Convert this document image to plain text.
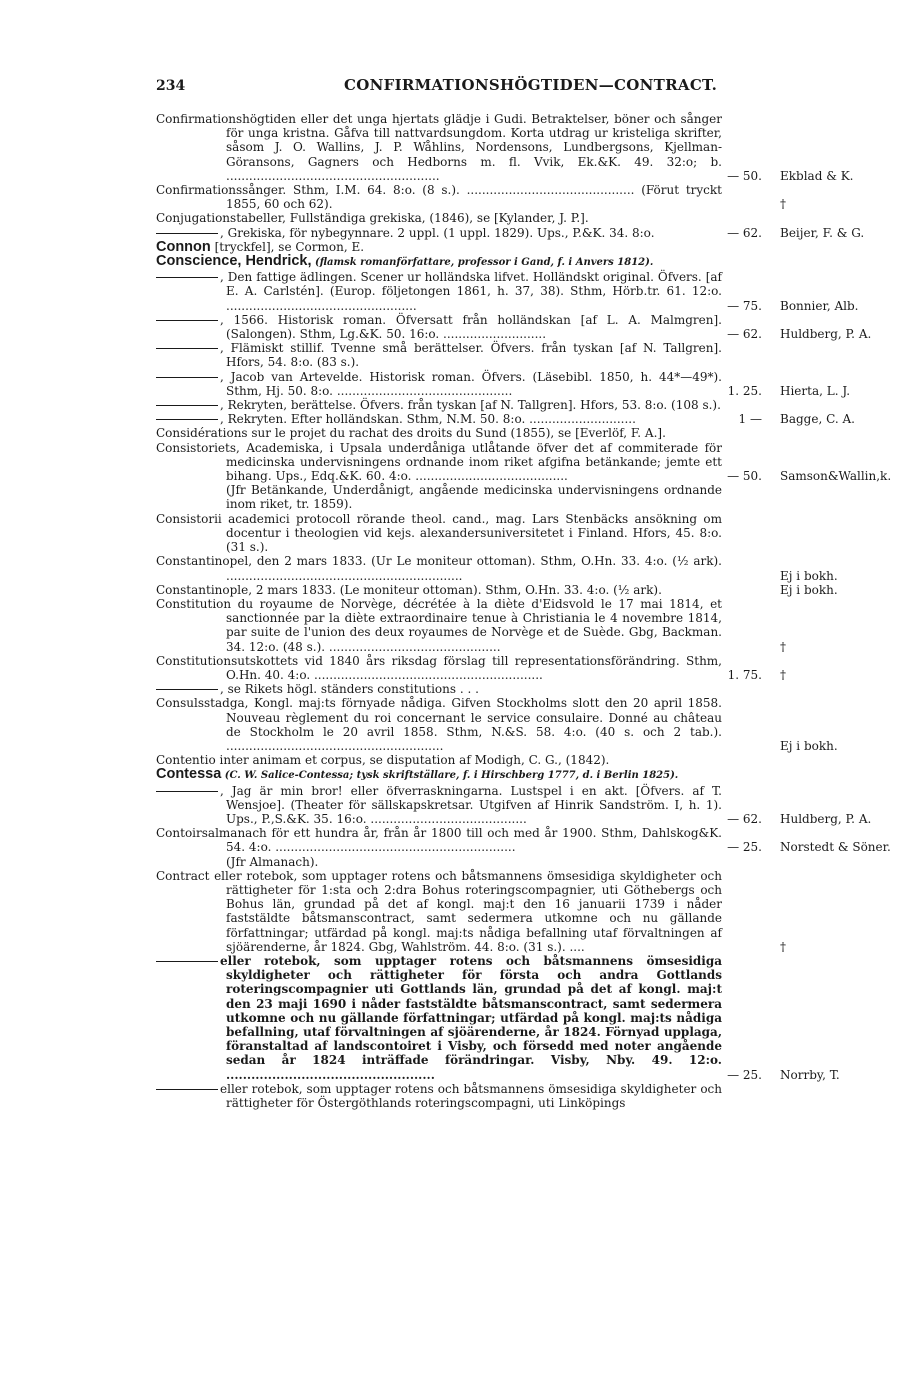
234	CONFIRMATIONSHÖGTIDEN—CONTRACT.
Confirmationshögtiden eller det unga hjertats glädje i Gudi. Betraktelser, böner och sånger för unga kristna. Gåfva till nattvardsungdom. Korta utdrag ur kristeliga skrifter, såsom J. O. Wallins, J. P. Wåhlins, Nordensons, Lundbergsons, Kjellman-Göransons, Gagners och Hedborns m. fl. Vvik, Ek.&K. 49. 32:o; b. ........................................................	— 50. Ekblad & K.
Confirmationssånger. Sthm, I.M. 64. 8:o. (8 s.). ............................................ (Förut tryckt 1855, 60 och 62).	†
Conjugationstabeller, Fullständiga grekiska, (1846), se [Kylander, J. P.].
, Grekiska, för nybegynnare. 2 uppl. (1 uppl. 1829). Ups., P.&K. 34. 8:o.	— 62. Beijer, F. & G.
Connon [tryckfel], se Cormon, E.
Conscience, Hendrick, (flamsk romanförfattare, professor i Gand, f. i Anvers 1812).
, Den fattige ädlingen. Scener ur holländska lifvet. Holländskt original. Öfvers. [af E. A. Carlstén]. (Europ. följetongen 1861, h. 37, 38). Sthm, Hörb.tr. 61. 12:o. ..................................................	— 75. Bonnier, Alb.
, 1566. Historisk roman. Öfversatt från holländskan [af L. A. Malmgren]. (Salongen). Sthm, Lg.&K. 50. 16:o. ...........................	— 62. Huldberg, P. A.
, Flämiskt stillif. Tvenne små berättelser. Öfvers. från tyskan [af N. Tallgren]. Hfors, 54. 8:o. (83 s.).
, Jacob van Artevelde. Historisk roman. Öfvers. (Läsebibl. 1850, h. 44*—49*). Sthm, Hj. 50. 8:o. ..............................................	1. 25. Hierta, L. J.
, Rekryten, berättelse. Öfvers. från tyskan [af N. Tallgren]. Hfors, 53. 8:o. (108 s.).
, Rekryten. Efter holländskan. Sthm, N.M. 50. 8:o. ............................	1 — Bagge, C. A.
Considérations sur le projet du rachat des droits du Sund (1855), se [Everlöf, F. A.].
Consistoriets, Academiska, i Upsala underdåniga utlåtande öfver det af commiterade för medicinska undervisningens ordnande inom riket afgifna betänkande; jemte ett bihang. Ups., Edq.&K. 60. 4:o. ........................................	— 50. Samson&Wallin,k.
(Jfr Betänkande, Underdånigt, angående medicinska undervisningens ordnande inom riket, tr. 1859).
Consistorii academici protocoll rörande theol. cand., mag. Lars Stenbäcks ansökning om docentur i theologien vid kejs. alexandersuniversitetet i Finland. Hfors, 45. 8:o. (31 s.).
Constantinopel, den 2 mars 1833. (Ur Le moniteur ottoman). Sthm, O.Hn. 33. 4:o. (½ ark). ..............................................................	Ej i bokh.
Constantinople, 2 mars 1833. (Le moniteur ottoman). Sthm, O.Hn. 33. 4:o. (½ ark).	Ej i bokh.
Constitution du royaume de Norvège, décrétée à la diète d'Eidsvold le 17 mai 1814, et sanctionnée par la diète extraordinaire tenue à Christiania le 4 novembre 1814, par suite de l'union des deux royaumes de Norvège et de Suède. Gbg, Backman. 34. 12:o. (48 s.). .............................................	†
Constitutionsutskottets vid 1840 års riksdag förslag till representationsförändring. Sthm, O.Hn. 40. 4:o. ............................................................	1. 75. †
, se Rikets högl. ständers constitutions . . .
Consulsstadga, Kongl. maj:ts förnyade nådiga. Gifven Stockholms slott den 20 april 1858. Nouveau règlement du roi concernant le service consulaire. Donné au château de Stockholm le 20 avril 1858. Sthm, N.&S. 58. 4:o. (40 s. och 2 tab.). .........................................................	Ej i bokh.
Contentio inter animam et corpus, se disputation af Modigh, C. G., (1842).
Contessa (C. W. Salice-Contessa; tysk skriftställare, f. i Hirschberg 1777, d. i Berlin 1825).
, Jag är min bror! eller öfverraskningarna. Lustspel i en akt. [Öfvers. af T. Wensjoe]. (Theater för sällskapskretsar. Utgifven af Hinrik Sandström. I, h. 1). Ups., P.,S.&K. 35. 16:o. .........................................	— 62. Huldberg, P. A.
Contoirsalmanach för ett hundra år, från år 1800 till och med år 1900. Sthm, Dahlskog&K. 54. 4:o. ...............................................................	— 25. Norstedt & Söner.
(Jfr Almanach).
Contract eller rotebok, som upptager rotens och båtsmannens ömsesidiga skyldigheter och rättigheter för 1:sta och 2:dra Bohus roteringscompagnier, uti Göthebergs och Bohus län, grundad på det af kongl. maj:t den 16 januarii 1739 i nåder faststäldte båtsmanscontract, samt sedermera utkomne och nu gällande författningar; utfärdad på kongl. maj:ts nådiga befallning utaf förvaltningen af sjöärenderne, år 1824. Gbg, Wahlström. 44. 8:o. (31 s.). ....	†
eller rotebok, som upptager rotens och båtsmannens ömsesidiga skyldigheter och rättigheter för första och andra Gottlands roteringscompagnier uti Gottlands län, grundad på det af kongl. maj:t den 23 maji 1690 i nåder faststäldte båtsmanscontract, samt sedermera utkomne och nu gällande författningar; utfärdad på kongl. maj:ts nådiga befallning, utaf förvaltningen af sjöärenderne, år 1824. Förnyad upplaga, föranstaltad af landscontoiret i Visby, och försedd med noter angående sedan år 1824 inträffade förändringar. Visby, Nby. 49. 12:o. ..................................................	— 25. Norrby, T.
eller rotebok, som upptager rotens och båtsmannens ömsesidiga skyldigheter och rättigheter för Östergöthlands roteringscompagni, uti Linköpings
